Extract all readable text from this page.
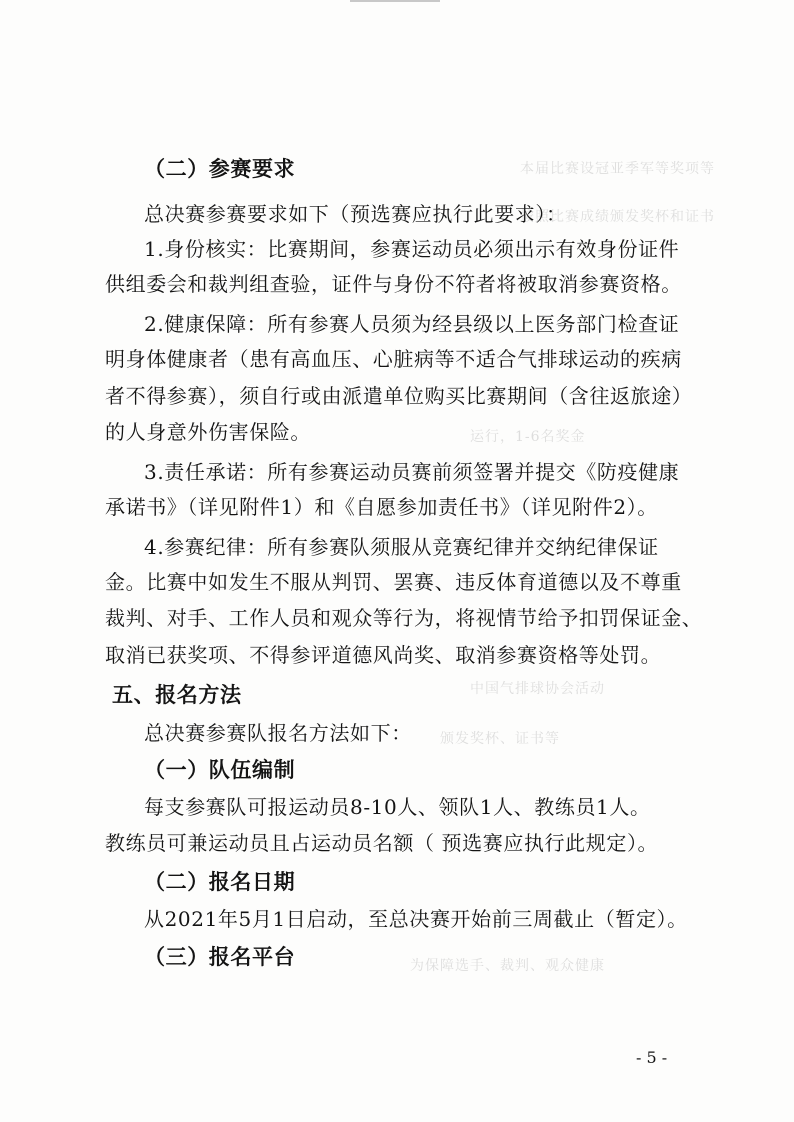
本届比赛设冠亚季军等奖项等
按照比赛成绩颁发奖杯和证书
运行，1-6名奖金
中国气排球协会活动
颁发奖杯、证书等
为保障选手、裁判、观众健康
（二）参赛要求
总决赛参赛要求如下（预选赛应执行此要求）：
1.身份核实：比赛期间，参赛运动员必须出示有效身份证件
供组委会和裁判组查验，证件与身份不符者将被取消参赛资格。
2.健康保障：所有参赛人员须为经县级以上医务部门检查证
明身体健康者（患有高血压、心脏病等不适合气排球运动的疾病
者不得参赛），须自行或由派遣单位购买比赛期间（含往返旅途）
的人身意外伤害保险。
3.责任承诺：所有参赛运动员赛前须签署并提交《防疫健康
承诺书》（详见附件1）和《自愿参加责任书》（详见附件2）。
4.参赛纪律：所有参赛队须服从竞赛纪律并交纳纪律保证
金。比赛中如发生不服从判罚、罢赛、违反体育道德以及不尊重
裁判、对手、工作人员和观众等行为，将视情节给予扣罚保证金、
取消已获奖项、不得参评道德风尚奖、取消参赛资格等处罚。
五、报名方法
总决赛参赛队报名方法如下：
（一）队伍编制
每支参赛队可报运动员8-10人、领队1人、教练员1人。
教练员可兼运动员且占运动员名额（ 预选赛应执行此规定）。
（二）报名日期
从2021年5月1日启动，至总决赛开始前三周截止（暂定）。
（三）报名平台
- 5 -
